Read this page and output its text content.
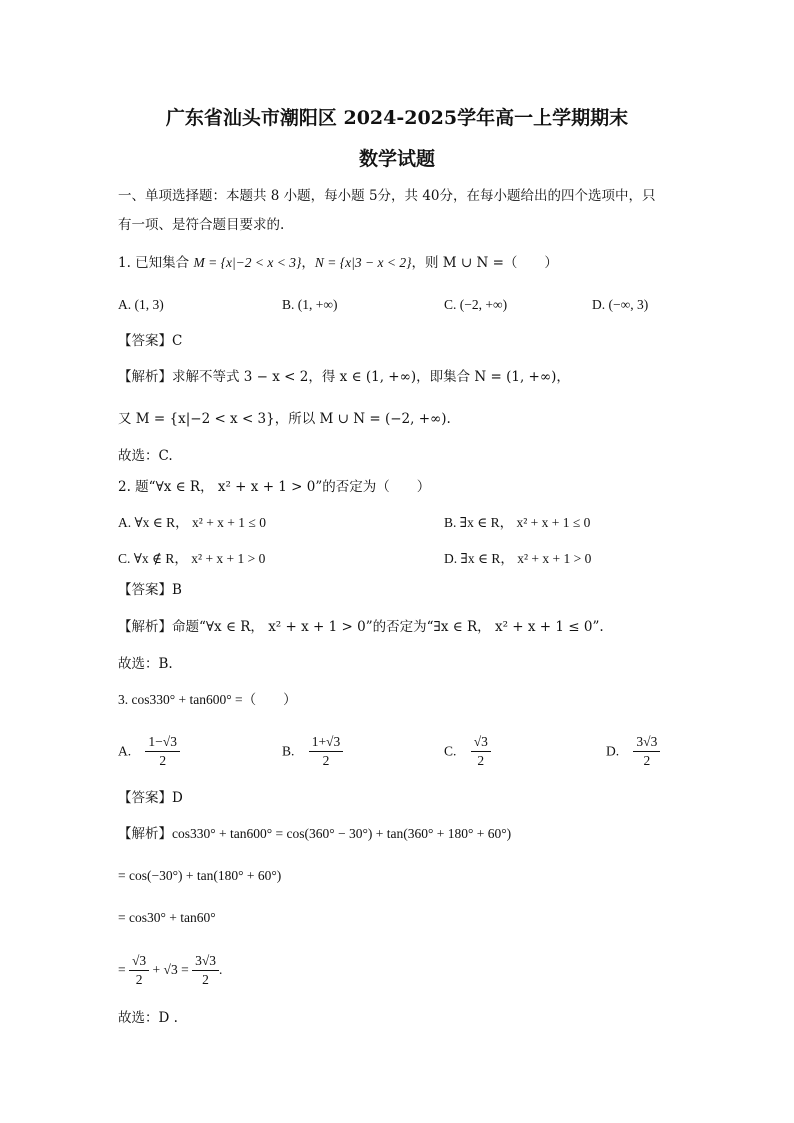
广东省汕头市潮阳区 2024-2025学年高一上学期期末
数学试题
一、单项选择题：本题共 8 小题，每小题 5分，共 40分，在每小题给出的四个选项中，只
有一项、是符合题目要求的.
1. 已知集合 M = {x|−2 < x < 3}，N = {x|3 − x < 2}，则 M ∪ N =（　　）
A. (1, 3)	B. (1, +∞)	C. (−2, +∞)	D. (−∞, 3)
【答案】C
【解析】求解不等式 3 − x < 2，得 x ∈ (1, +∞)，即集合 N = (1, +∞)，
又 M = {x|−2 < x < 3}，所以 M ∪ N = (−2, +∞).
故选：C.
2. 题“∀x ∈ R， x² + x + 1 > 0”的否定为（　　）
A. ∀x ∈ R， x² + x + 1 ≤ 0	B. ∃x ∈ R， x² + x + 1 ≤ 0
C. ∀x ∉ R， x² + x + 1 > 0	D. ∃x ∈ R， x² + x + 1 > 0
【答案】B
【解析】命题“∀x ∈ R， x² + x + 1 > 0”的否定为“∃x ∈ R， x² + x + 1 ≤ 0”.
故选：B.
3. cos330° + tan600° =（　　）
A. $\frac{1-√3}{2}$	B. $\frac{1+√3}{2}$	C. $\frac{√3}{2}$	D. $\frac{3√3}{2}$
【答案】D
【解析】cos330° + tan600° = cos(360° − 30°) + tan(360° + 180° + 60°)
= cos(−30°) + tan(180° + 60°)
= cos30° + tan60°
= $\frac{√3}{2} + √3 = \frac{3√3}{2}$ .
故选：D .
